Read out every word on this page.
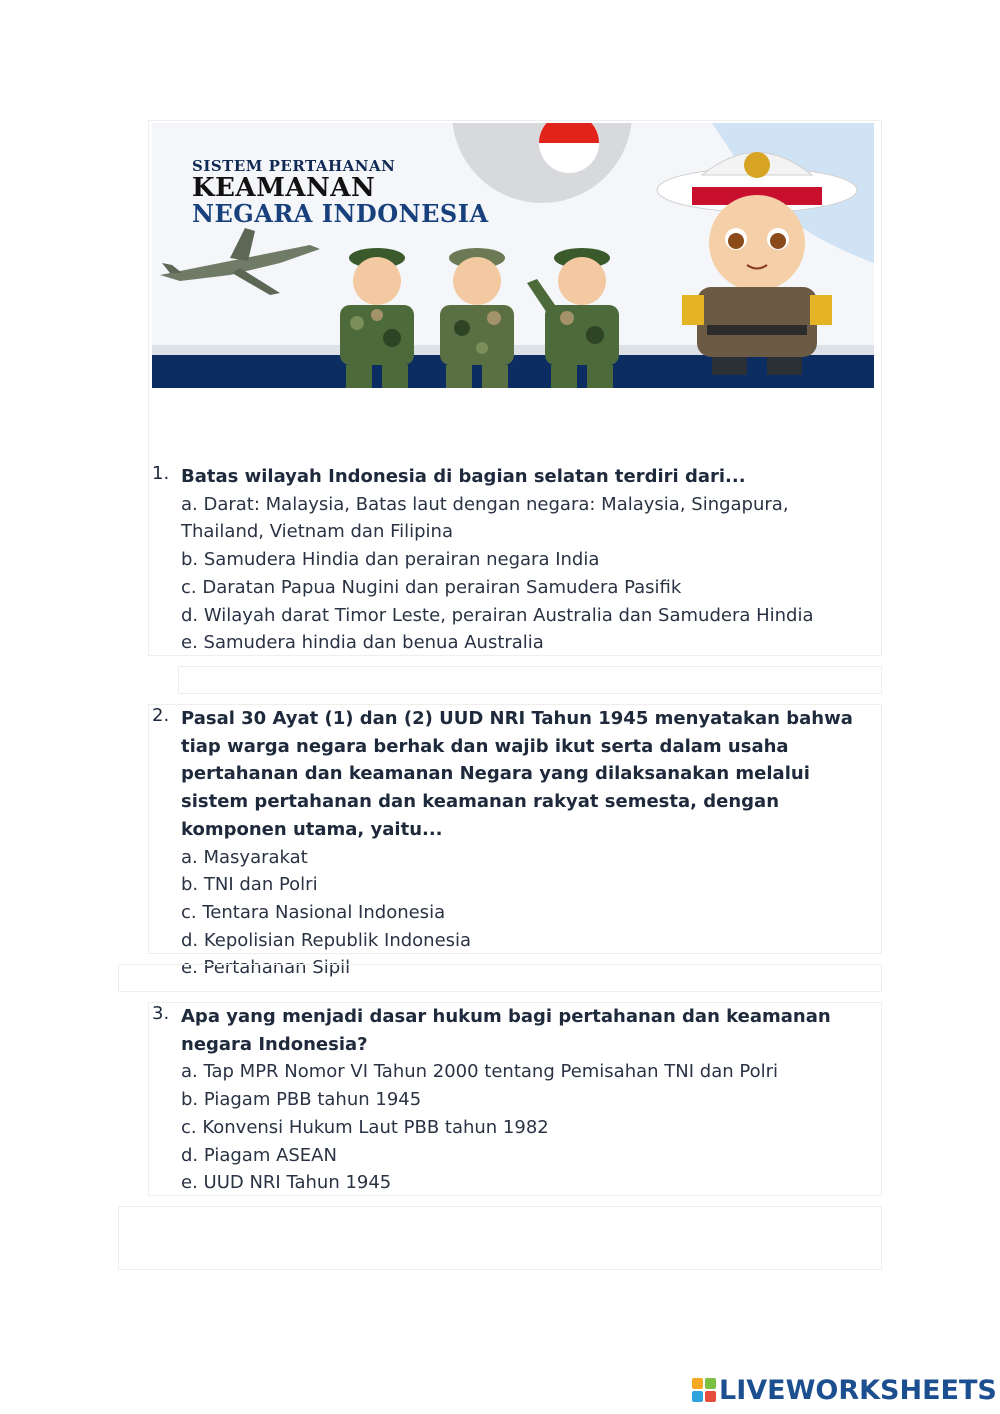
SISTEM PERTAHANAN
KEAMANAN
NEGARA INDONESIA
1. Batas wilayah Indonesia di bagian selatan terdiri dari...
a. Darat: Malaysia, Batas laut dengan negara: Malaysia, Singapura, Thailand, Vietnam dan Filipina
b. Samudera Hindia dan perairan negara India
c. Daratan Papua Nugini dan perairan Samudera Pasifik
d. Wilayah darat Timor Leste, perairan Australia dan Samudera Hindia
e. Samudera hindia dan benua Australia
2. Pasal 30 Ayat (1) dan (2) UUD NRI Tahun 1945 menyatakan bahwa tiap warga negara berhak dan wajib ikut serta dalam usaha pertahanan dan keamanan Negara yang dilaksanakan melalui sistem pertahanan dan keamanan rakyat semesta, dengan komponen utama, yaitu...
a. Masyarakat
b. TNI dan Polri
c. Tentara Nasional Indonesia
d. Kepolisian Republik Indonesia
e. Pertahanan Sipil
3. Apa yang menjadi dasar hukum bagi pertahanan dan keamanan negara Indonesia?
a. Tap MPR Nomor VI Tahun 2000 tentang Pemisahan TNI dan Polri
b. Piagam PBB tahun 1945
c. Konvensi Hukum Laut PBB tahun 1982
d. Piagam ASEAN
e. UUD NRI Tahun 1945
LIVEWORKSHEETS
